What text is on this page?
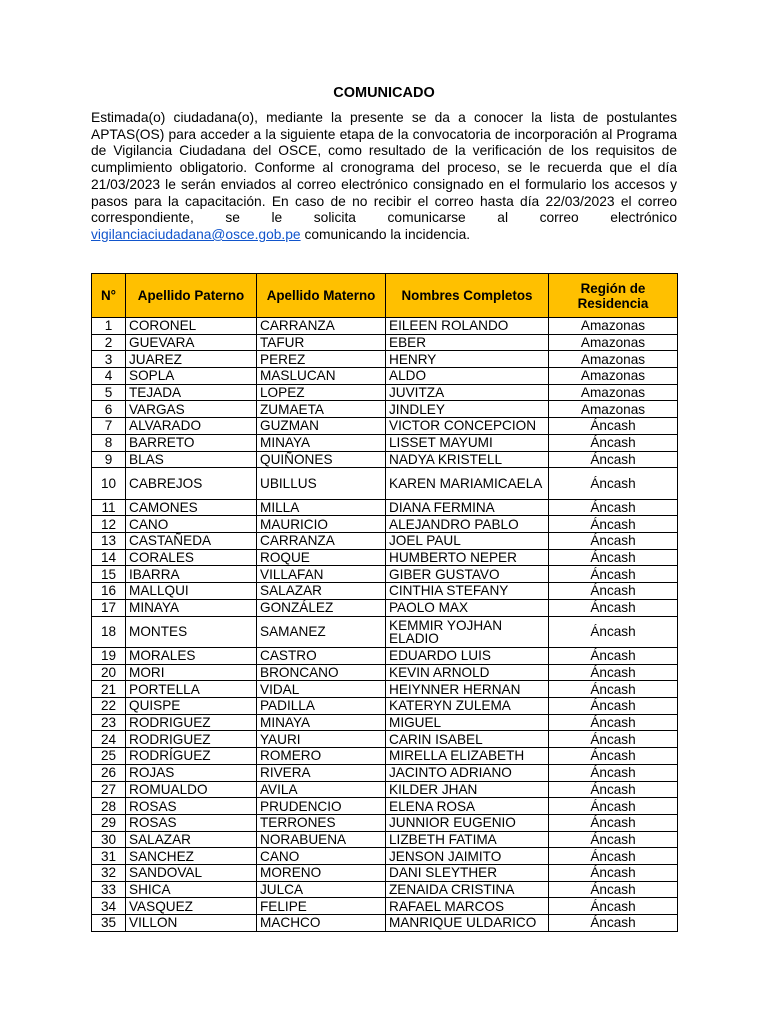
COMUNICADO

Estimada(o) ciudadana(o), mediante la presente se da a conocer la lista de postulantes APTAS(OS) para acceder a la siguiente etapa de la convocatoria de incorporación al Programa de Vigilancia Ciudadana del OSCE, como resultado de la verificación de los requisitos de cumplimiento obligatorio. Conforme al cronograma del proceso, se le recuerda que el día 21/03/2023 le serán enviados al correo electrónico consignado en el formulario los accesos y pasos para la capacitación. En caso de no recibir el correo hasta día 22/03/2023 el correo correspondiente, se le solicita comunicarse al correo electrónico vigilanciaciudadana@osce.gob.pe comunicando la incidencia.

N°	Apellido Paterno	Apellido Materno	Nombres Completos	Región de Residencia
1	CORONEL	CARRANZA	EILEEN ROLANDO	Amazonas
2	GUEVARA	TAFUR	EBER	Amazonas
3	JUAREZ	PEREZ	HENRY	Amazonas
4	SOPLA	MASLUCAN	ALDO	Amazonas
5	TEJADA	LOPEZ	JUVITZA	Amazonas
6	VARGAS	ZUMAETA	JINDLEY	Amazonas
7	ALVARADO	GUZMAN	VICTOR CONCEPCION	Áncash
8	BARRETO	MINAYA	LISSET MAYUMI	Áncash
9	BLAS	QUIÑONES	NADYA KRISTELL	Áncash
10	CABREJOS	UBILLUS	KAREN MARIAMICAELA	Áncash
11	CAMONES	MILLA	DIANA FERMINA	Áncash
12	CANO	MAURICIO	ALEJANDRO PABLO	Áncash
13	CASTAÑEDA	CARRANZA	JOEL PAUL	Áncash
14	CORALES	ROQUE	HUMBERTO NEPER	Áncash
15	IBARRA	VILLAFAN	GIBER GUSTAVO	Áncash
16	MALLQUI	SALAZAR	CINTHIA STEFANY	Áncash
17	MINAYA	GONZÁLEZ	PAOLO MAX	Áncash
18	MONTES	SAMANEZ	KEMMIR YOJHAN ELADIO	Áncash
19	MORALES	CASTRO	EDUARDO LUIS	Áncash
20	MORI	BRONCANO	KEVIN ARNOLD	Áncash
21	PORTELLA	VIDAL	HEIYNNER HERNAN	Áncash
22	QUISPE	PADILLA	KATERYN ZULEMA	Áncash
23	RODRIGUEZ	MINAYA	MIGUEL	Áncash
24	RODRIGUEZ	YAURI	CARIN ISABEL	Áncash
25	RODRÍGUEZ	ROMERO	MIRELLA ELIZABETH	Áncash
26	ROJAS	RIVERA	JACINTO ADRIANO	Áncash
27	ROMUALDO	AVILA	KILDER JHAN	Áncash
28	ROSAS	PRUDENCIO	ELENA ROSA	Áncash
29	ROSAS	TERRONES	JUNNIOR EUGENIO	Áncash
30	SALAZAR	NORABUENA	LIZBETH FATIMA	Áncash
31	SANCHEZ	CANO	JENSON JAIMITO	Áncash
32	SANDOVAL	MORENO	DANI SLEYTHER	Áncash
33	SHICA	JULCA	ZENAIDA CRISTINA	Áncash
34	VASQUEZ	FELIPE	RAFAEL MARCOS	Áncash
35	VILLON	MACHCO	MANRIQUE ULDARICO	Áncash
